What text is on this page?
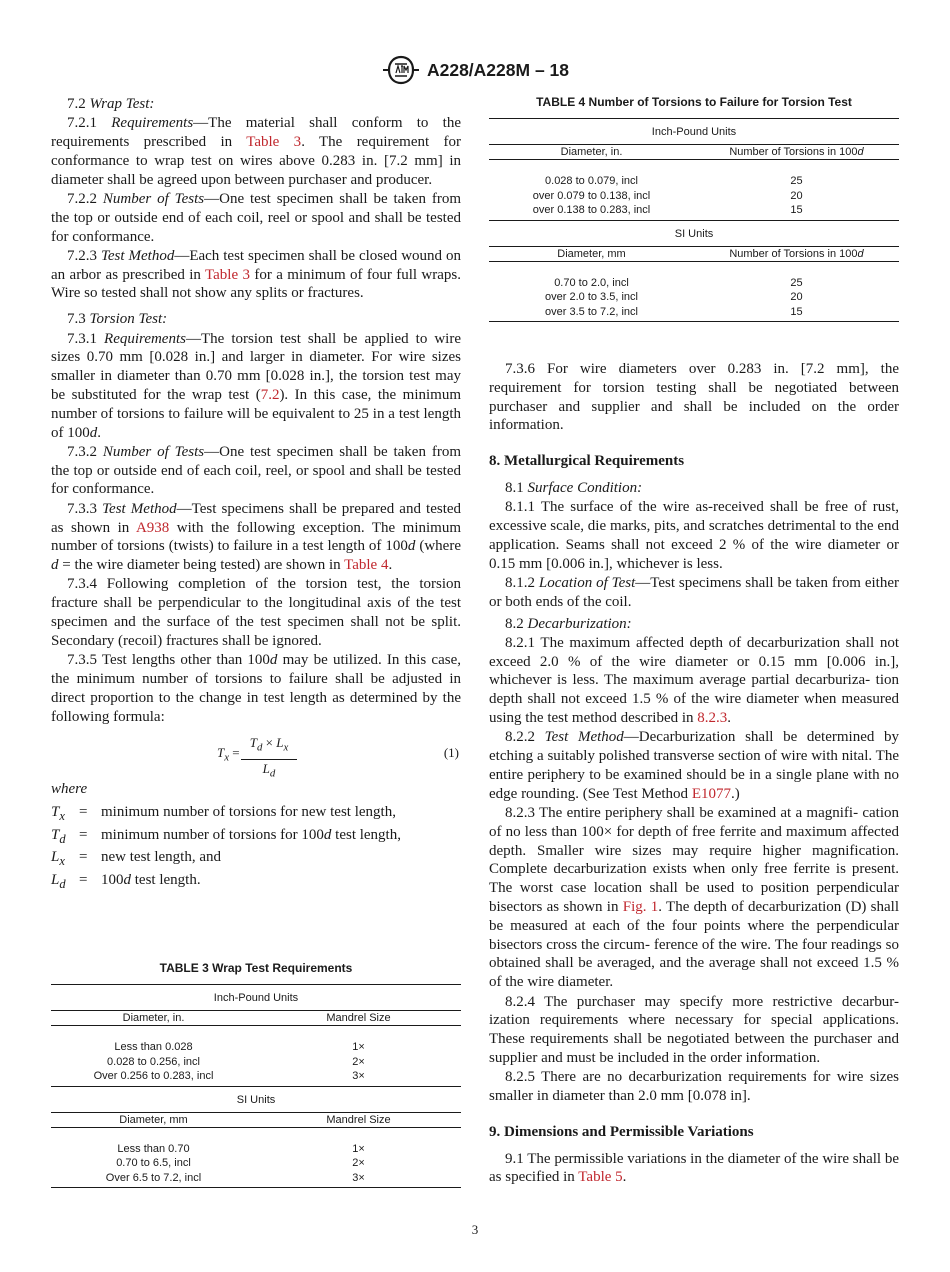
A228/A228M – 18

7.2 Wrap Test:

7.2.1 Requirements—The material shall conform to the requirements prescribed in Table 3. The requirement for conformance to wrap test on wires above 0.283 in. [7.2 mm] in diameter shall be agreed upon between purchaser and producer.

7.2.2 Number of Tests—One test specimen shall be taken from the top or outside end of each coil, reel or spool and shall be tested for conformance.

7.2.3 Test Method—Each test specimen shall be closed wound on an arbor as prescribed in Table 3 for a minimum of four full wraps. Wire so tested shall not show any splits or fractures.

7.3 Torsion Test:

7.3.1 Requirements—The torsion test shall be applied to wire sizes 0.70 mm [0.028 in.] and larger in diameter. For wire sizes smaller in diameter than 0.70 mm [0.028 in.], the torsion test may be substituted for the wrap test (7.2). In this case, the minimum number of torsions to failure will be equivalent to 25 in a test length of 100d.

7.3.2 Number of Tests—One test specimen shall be taken from the top or outside end of each coil, reel, or spool and shall be tested for conformance.

7.3.3 Test Method—Test specimens shall be prepared and tested as shown in A938 with the following exception. The minimum number of torsions (twists) to failure in a test length of 100d (where d = the wire diameter being tested) are shown in Table 4.

7.3.4 Following completion of the torsion test, the torsion fracture shall be perpendicular to the longitudinal axis of the test specimen and the surface of the test specimen shall not be split. Secondary (recoil) fractures shall be ignored.

7.3.5 Test lengths other than 100d may be utilized. In this case, the minimum number of torsions to failure shall be adjusted in direct proportion to the change in test length as determined by the following formula:

$T_x = \frac{T_d \times L_x}{L_d}$	(1)
where
$T_x$ = minimum number of torsions for new test length,
$T_d$ = minimum number of torsions for 100d test length,
$L_x$ = new test length, and
$L_d = 100d$ test length.
TABLE 4 Number of Torsions to Failure for Torsion Test
Inch-Pound Units
Diameter, in.	Number of Torsions in 100d
0.028 to 0.079, incl	25
over 0.079 to 0.138, incl	20
over 0.138 to 0.283, incl	15
SI Units
Diameter, mm	Number of Torsions in 100d
0.70 to 2.0, incl	25
over 2.0 to 3.5, incl	20
over 3.5 to 7.2, incl	15

7.3.6 For wire diameters over 0.283 in. [7.2 mm], the requirement for torsion testing shall be negotiated between purchaser and supplier and shall be included on the order information.

8. Metallurgical Requirements

8.1 Surface Condition:

8.1.1 The surface of the wire as-received shall be free of rust, excessive scale, die marks, pits, and scratches detrimental to the end application. Seams shall not exceed 2 % of the wire diameter or 0.15 mm [0.006 in.], whichever is less.

8.1.2 Location of Test—Test specimens shall be taken from either or both ends of the coil.

8.2 Decarburization:

8.2.1 The maximum affected depth of decarburization shall not exceed 2.0 % of the wire diameter or 0.15 mm [0.006 in.], whichever is less. The maximum average partial decarburiza- tion depth shall not exceed 1.5 % of the wire diameter when measured using the test method described in 8.2.3.

8.2.2 Test Method—Decarburization shall be determined by etching a suitably polished transverse section of wire with nital. The entire periphery to be examined should be in a single plane with no edge rounding. (See Test Method E1077.)

8.2.3 The entire periphery shall be examined at a magnifi- cation of no less than 100× for depth of free ferrite and maximum affected depth. Smaller wire sizes may require higher magnification. Complete decarburization exists when only free ferrite is present. The worst case location shall be used to position perpendicular bisectors as shown in Fig. 1. The depth of decarburization (D) shall be measured at each of the four points where the perpendicular bisectors cross the circum- ference of the wire. The four readings so obtained shall be averaged, and the average shall not exceed 1.5 % of the wire diameter.

8.2.4 The purchaser may specify more restrictive decarbur- ization requirements where necessary for special applications. These requirements shall be negotiated between the purchaser and supplier and must be included in the order information.

8.2.5 There are no decarburization requirements for wire sizes smaller in diameter than 2.0 mm [0.078 in].

9. Dimensions and Permissible Variations

9.1 The permissible variations in the diameter of the wire shall be as specified in Table 5.

TABLE 3 Wrap Test Requirements
Inch-Pound Units
Diameter, in.	Mandrel Size
Less than 0.028	1×
0.028 to 0.256, incl	2×
Over 0.256 to 0.283, incl	3×
SI Units
Diameter, mm	Mandrel Size
Less than 0.70	1×
0.70 to 6.5, incl	2×
Over 6.5 to 7.2, incl	3×
3
